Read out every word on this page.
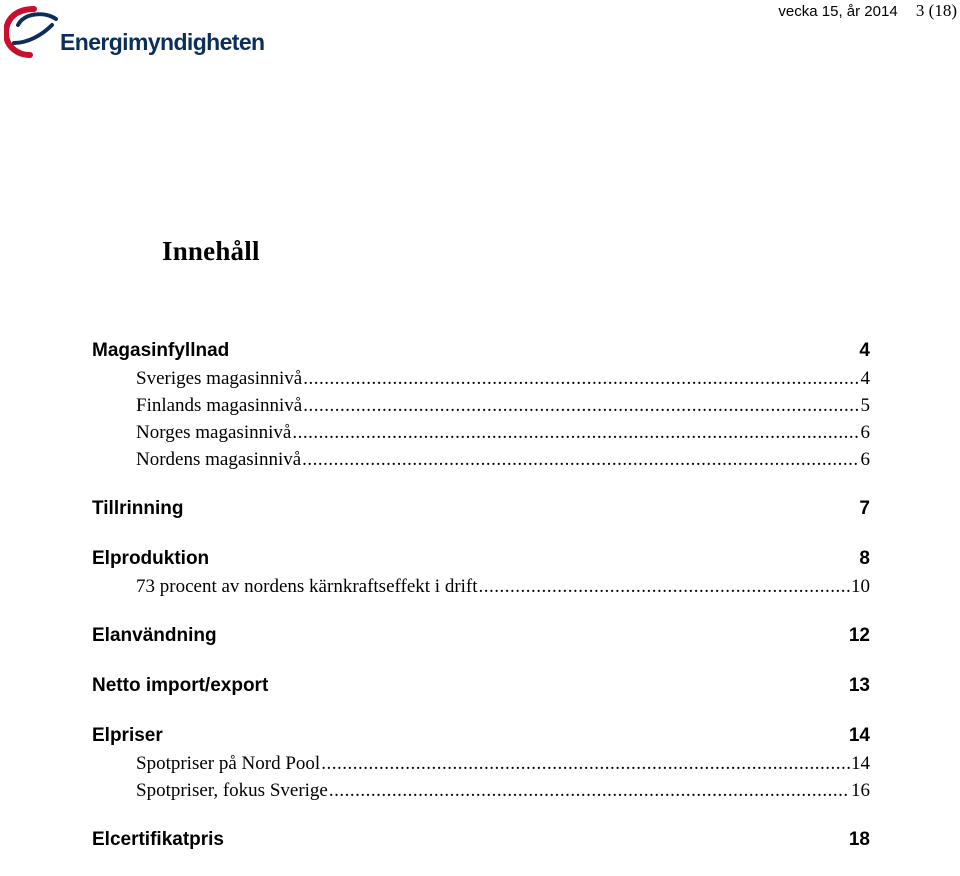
Energimyndigheten
vecka 15, år 2014 3 (18)
Innehåll
Magasinfyllnad	4
Sveriges magasinnivå .....	4
Finlands magasinnivå .....	5
Norges magasinnivå .....	6
Nordens magasinnivå .....	6
Tillrinning	7
Elproduktion	8
73 procent av nordens kärnkraftseffekt i drift .....	10
Elanvändning	12
Netto import/export	13
Elpriser	14
Spotpriser på Nord Pool .....	14
Spotpriser, fokus Sverige .....	16
Elcertifikatpris	18
